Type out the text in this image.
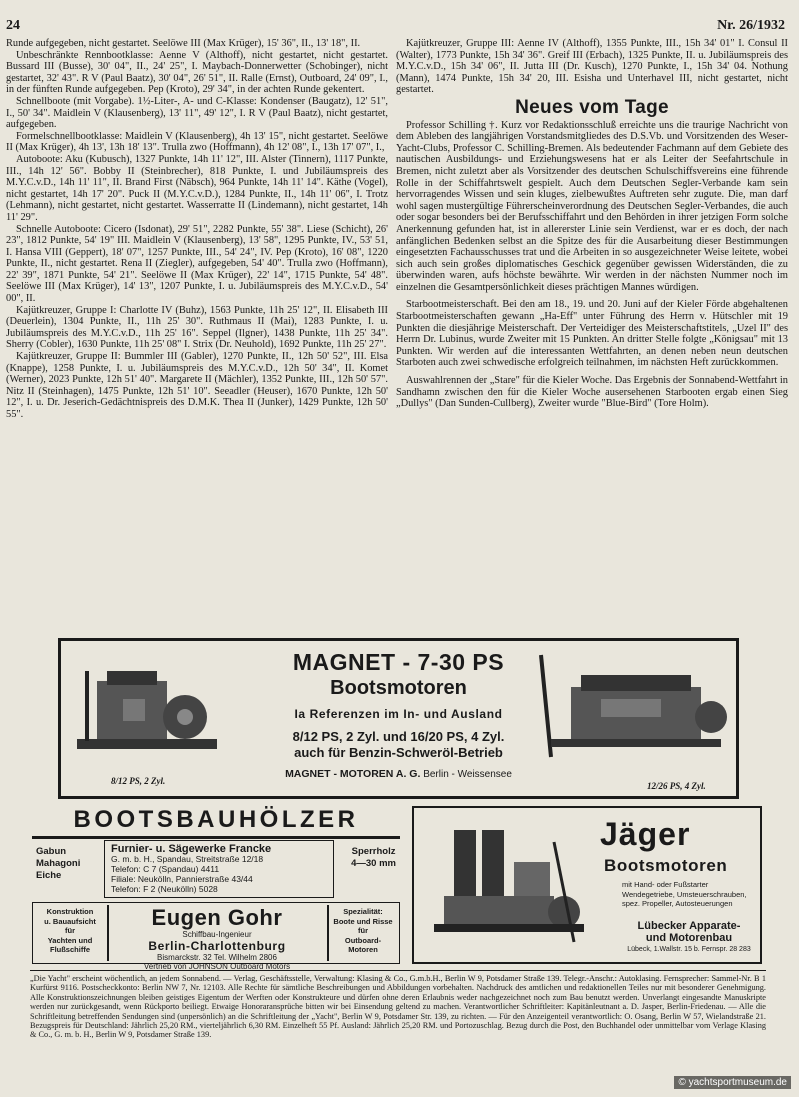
24	Nr. 26/1932

Runde aufgegeben, nicht gestartet. Seelöwe III (Max Krüger), 15' 36", II., 13' 18", II.

Unbeschränkte Rennbootklasse: Aenne V (Althoff), nicht gestartet, nicht gestartet. Bussard III (Busse), 30' 04", II., 24' 25", I. Maybach-Donnerwetter (Schobinger), nicht gestartet, 32' 43". R V (Paul Baatz), 30' 04", 26' 51", II. Ralle (Ernst), Outboard, 24' 09", I., in der fünften Runde aufgegeben. Pep (Kroto), 29' 34", in der achten Runde gekentert.

Schnellboote (mit Vorgabe). 1½-Liter-, A- und C-Klasse: Kondenser (Baugatz), 12' 51", I., 50' 34". Maidlein V (Klausenberg), 13' 11", 49' 12", I. R V (Paul Baatz), nicht gestartet, aufgegeben.

Formelschnellbootklasse: Maidlein V (Klausenberg), 4h 13' 15", nicht gestartet. Seelöwe II (Max Krüger), 4h 13', 13h 18' 13". Trulla zwo (Hoffmann), 4h 12' 08", I., 13h 17' 07", I.,

Autoboote: Aku (Kubusch), 1327 Punkte, 14h 11' 12", III. Alster (Tinnern), 1117 Punkte, III., 14h 12' 56". Bobby II (Steinbrecher), 818 Punkte, I. und Jubiläumspreis des M.Y.C.v.D., 14h 11' 11", II. Brand First (Näbsch), 964 Punkte, 14h 11' 14". Käthe (Vogel), nicht gestartet, 14h 17' 20". Puck II (M.Y.C.v.D.), 1284 Punkte, II., 14h 11' 06", I. Trotz (Lehmann), nicht gestartet, nicht gestartet. Wasserratte II (Lindemann), nicht gestartet, 14h 11' 29".

Schnelle Autoboote: Cicero (Isdonat), 29' 51", 2282 Punkte, 55' 38". Liese (Schicht), 26' 23", 1812 Punkte, 54' 19" III. Maidlein V (Klausenberg), 13' 58", 1295 Punkte, IV., 53' 51, I. Hansa VIII (Geppert), 18' 07", 1257 Punkte, III., 54' 24", IV. Pep (Kroto), 16' 08", 1220 Punkte, II., nicht gestartet. Rena II (Ziegler), aufgegeben, 54' 40". Trulla zwo (Hoffmann), 22' 39", 1871 Punkte, 54' 21". Seelöwe II (Max Krüger), 22' 14", 1715 Punkte, 54' 48". Seelöwe III (Max Krüger), 14' 13", 1207 Punkte, I. u. Jubiläumspreis des M.Y.C.v.D., 54' 00", II.

Kajütkreuzer, Gruppe I: Charlotte IV (Buhz), 1563 Punkte, 11h 25' 12", II. Elisabeth III (Deuerlein), 1304 Punkte, II., 11h 25' 30". Ruthmaus II (Mai), 1283 Punkte, I. u. Jubiläumspreis des M.Y.C.v.D., 11h 25' 16". Seppel (Ilgner), 1438 Punkte, 11h 25' 34". Sherry (Cobler), 1630 Punkte, 11h 25' 08" I. Strix (Dr. Neuhold), 1692 Punkte, 11h 25' 27".

Kajütkreuzer, Gruppe II: Bummler III (Gabler), 1270 Punkte, II., 12h 50' 52", III. Elsa (Knappe), 1258 Punkte, I. u. Jubiläumspreis des M.Y.C.v.D., 12h 50' 34", II. Komet (Werner), 2023 Punkte, 12h 51' 40". Margarete II (Mächler), 1352 Punkte, III., 12h 50' 57". Nitz II (Steinhagen), 1475 Punkte, 12h 51' 10". Seeadler (Heuser), 1670 Punkte, 12h 50' 12", I. u. Dr. Jeserich-Gedächtnispreis des D.M.K. Thea II (Junker), 1429 Punkte, 12h 50' 55".

Kajütkreuzer, Gruppe III: Aenne IV (Althoff), 1355 Punkte, III., 15h 34' 01" I. Consul II (Walter), 1773 Punkte, 15h 34' 36". Greif III (Erbach), 1325 Punkte, II. u. Jubiläumspreis des M.Y.C.v.D., 15h 34' 06", II. Jutta III (Dr. Kusch), 1270 Punkte, I., 15h 34' 04. Nothung (Mann), 1474 Punkte, 15h 34' 20, III. Esisha und Unterhavel III, nicht gestartet, nicht gestartet.

Neues vom Tage

Professor Schilling †. Kurz vor Redaktionsschluß erreichte uns die traurige Nachricht von dem Ableben des langjährigen Vorstandsmitgliedes des D.S.Vb. und Vorsitzenden des Weser-Yacht-Clubs, Professor C. Schilling-Bremen. Als bedeutender Fachmann auf dem Gebiete des nautischen Ausbildungs- und Erziehungswesens hat er als Leiter der Seefahrtschule in Bremen, nicht zuletzt aber als Vorsitzender des deutschen Schulschiffsvereins eine führende Rolle in der Schiffahrtswelt gespielt. Auch dem Deutschen Segler-Verbande kam sein hervorragendes Wissen und sein kluges, zielbewußtes Auftreten sehr zugute. Die, man darf wohl sagen mustergültige Führerscheinverordnung des Deutschen Segler-Verbandes, die auch oder sogar besonders bei der Berufsschiffahrt und den Behörden in ihrer jetzigen Form solche Anerkennung gefunden hat, ist in allererster Linie sein Verdienst, war er es doch, der nach anfänglichen Bedenken selbst an die Spitze des für die Ausarbeitung dieser Bestimmungen eingesetzten Fachausschusses trat und die Arbeiten in so ausgezeichneter Weise leitete, wobei sich auch sein großes diplomatisches Geschick gegenüber gewissen Widerständen, die zu überwinden waren, aufs höchste bewährte. Wir werden in der nächsten Nummer noch im einzelnen die Gesamtpersönlichkeit dieses prächtigen Mannes würdigen.

Starbootmeisterschaft. Bei den am 18., 19. und 20. Juni auf der Kieler Förde abgehaltenen Starbootmeisterschaften gewann „Ha-Eff" unter Führung des Herrn v. Hütschler mit 19 Punkten die diesjährige Meisterschaft. Der Verteidiger des Meisterschaftstitels, „Uzel II" des Herrn Dr. Lubinus, wurde Zweiter mit 15 Punkten. An dritter Stelle folgte „Königsau" mit 13 Punkten. Wir werden auf die interessanten Wettfahrten, an denen neben neun deutschen Starboten auch zwei schwedische erfolgreich teilnahmen, im nächsten Heft zurückkommen.

Auswahlrennen der „Stare" für die Kieler Woche. Das Ergebnis der Sonnabend-Wettfahrt in Sandhamn zwischen den für die Kieler Woche ausersehenen Starbooten ergab einen Sieg „Dullys" (Dan Sunden-Cullberg), Zweiter wurde "Blue-Bird" (Tore Holm).

MAGNET - 7-30 PS
Bootsmotoren
Ia Referenzen im In- und Ausland
8/12 PS, 2 Zyl. und 16/20 PS, 4 Zyl.
auch für Benzin-Schweröl-Betrieb
MAGNET - MOTOREN A. G. Berlin - Weissensee
8/12 PS, 2 Zyl.	12/26 PS, 4 Zyl.
BOOTSBAUHÖLZER
Gabun
Mahagoni
Eiche
Furnier- u. Sägewerke Francke
G. m. b. H., Spandau, Streitstraße 12/18
Telefon: C 7 (Spandau) 4411
Filiale: Neukölln, Pannierstraße 43/44
Telefon: F 2 (Neukölln) 5028
Sperrholz
4—30 mm
Konstruktion
u. Bauaufsicht
für
Yachten und
Flußschiffe
Eugen Gohr
Schiffbau-Ingenieur
Berlin-Charlottenburg
Bismarckstr. 32 Tel. Wilhelm 2806
Vertrieb von JOHNSON Outboard Motors
Spezialität:
Boote und Risse
für
Outboard-
Motoren
Jäger
Bootsmotoren
mit Hand- oder Fußstarter Wendegetriebe, Umsteuerschrauben, spez. Propeller, Autosteuerungen
Lübecker Apparate-
und Motorenbau
Lübeck, 1.Wallstr. 15 b. Fernspr. 28 283

„Die Yacht" erscheint wöchentlich, an jedem Sonnabend. — Verlag, Geschäftsstelle, Verwaltung: Klasing & Co., G.m.b.H., Berlin W 9, Potsdamer Straße 139. Telegr.-Anschr.: Autoklasing. Fernsprecher: Sammel-Nr. B 1 Kurfürst 9116. Postscheckkonto: Berlin NW 7, Nr. 12103. Alle Rechte für sämtliche Beschreibungen und Abbildungen vorbehalten. Nachdruck des amtlichen und redaktionellen Teiles nur mit besonderer Genehmigung. Alle Konstruktionszeichnungen bleiben geistiges Eigentum der Werften oder Konstrukteure und dürfen ohne deren Erlaubnis weder nachgezeichnet noch zum Bau benutzt werden. Unverlangt eingesandte Manuskripte werden nur zurückgesandt, wenn Rückporto beiliegt. Etwaige Honoraransprüche bitten wir bei Einsendung geltend zu machen. Verantwortlicher Schriftleiter: Kapitänleutnant a. D. Jasper, Berlin-Friedenau. — Alle die Schriftleitung betreffenden Sendungen sind (unpersönlich) an die Schriftleitung der „Yacht", Berlin W 9, Potsdamer Str. 139, zu richten. — Für den Anzeigenteil verantwortlich: O. Osang, Berlin W 57, Wielandstraße 21. Bezugspreis für Deutschland: Jährlich 25,20 RM., vierteljährlich 6,30 RM. Einzelheft 55 Pf. Ausland: Jährlich 25,20 RM. und Portozuschlag. Bezug durch die Post, den Buchhandel oder unmittelbar vom Verlage Klasing & Co., G. m. b. H., Berlin W 9, Potsdamer Straße 139.

© yachtsportmuseum.de
